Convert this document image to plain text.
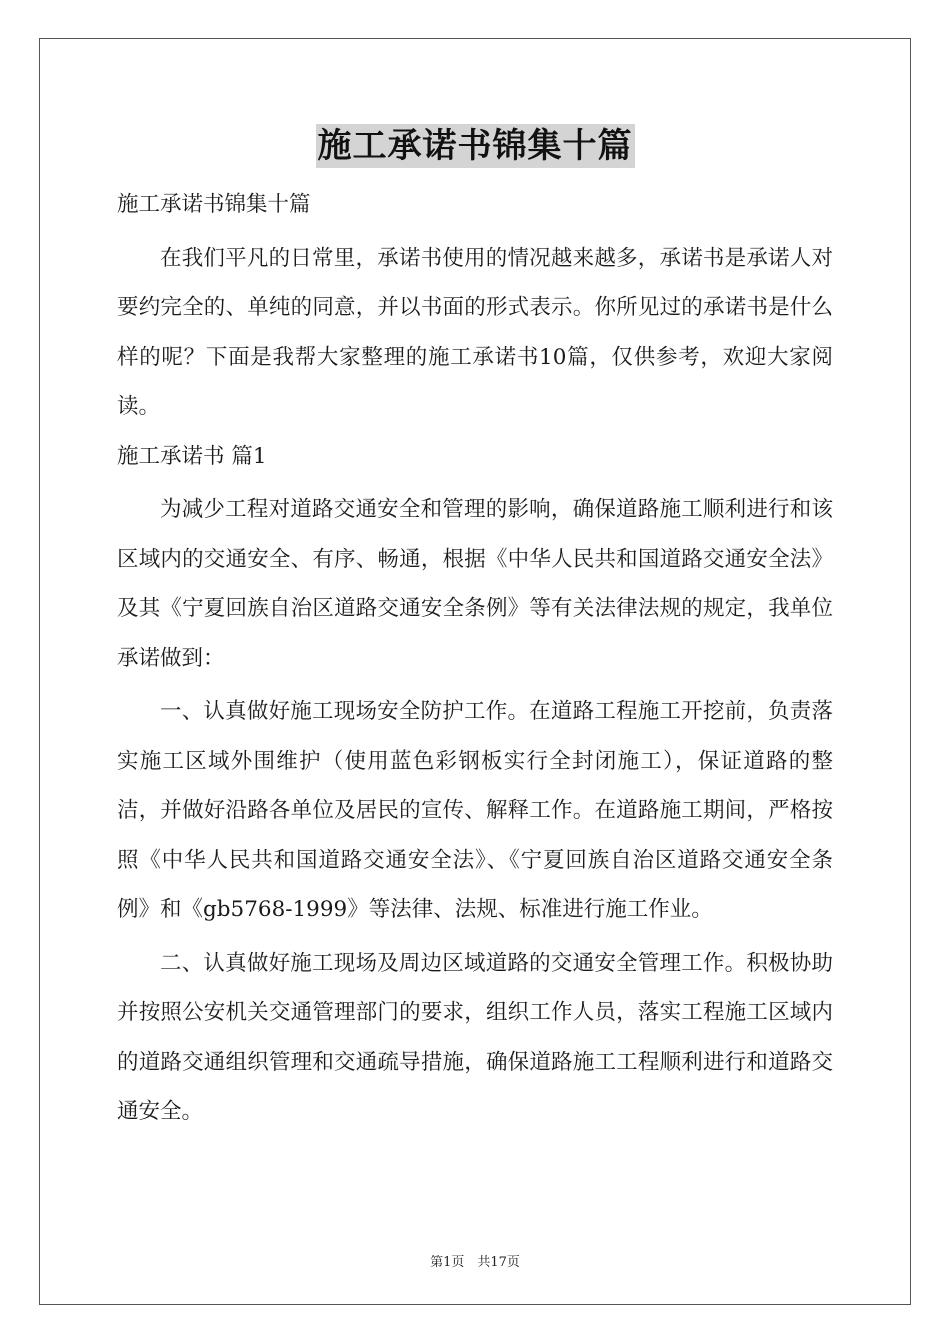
施工承诺书锦集十篇

施工承诺书锦集十篇

在我们平凡的日常里，承诺书使用的情况越来越多，承诺书是承诺人对要约完全的、单纯的同意，并以书面的形式表示。你所见过的承诺书是什么样的呢？下面是我帮大家整理的施工承诺书10篇，仅供参考，欢迎大家阅读。

施工承诺书 篇1

为减少工程对道路交通安全和管理的影响，确保道路施工顺利进行和该区域内的交通安全、有序、畅通，根据《中华人民共和国道路交通安全法》及其《宁夏回族自治区道路交通安全条例》等有关法律法规的规定，我单位承诺做到：

一、认真做好施工现场安全防护工作。在道路工程施工开挖前，负责落实施工区域外围维护（使用蓝色彩钢板实行全封闭施工），保证道路的整洁，并做好沿路各单位及居民的宣传、解释工作。在道路施工期间，严格按照《中华人民共和国道路交通安全法》、《宁夏回族自治区道路交通安全条例》和《gb5768-1999》等法律、法规、标准进行施工作业。

二、认真做好施工现场及周边区域道路的交通安全管理工作。积极协助并按照公安机关交通管理部门的要求，组织工作人员，落实工程施工区域内的道路交通组织管理和交通疏导措施，确保道路施工工程顺利进行和道路交通安全。

第1页　共17页
